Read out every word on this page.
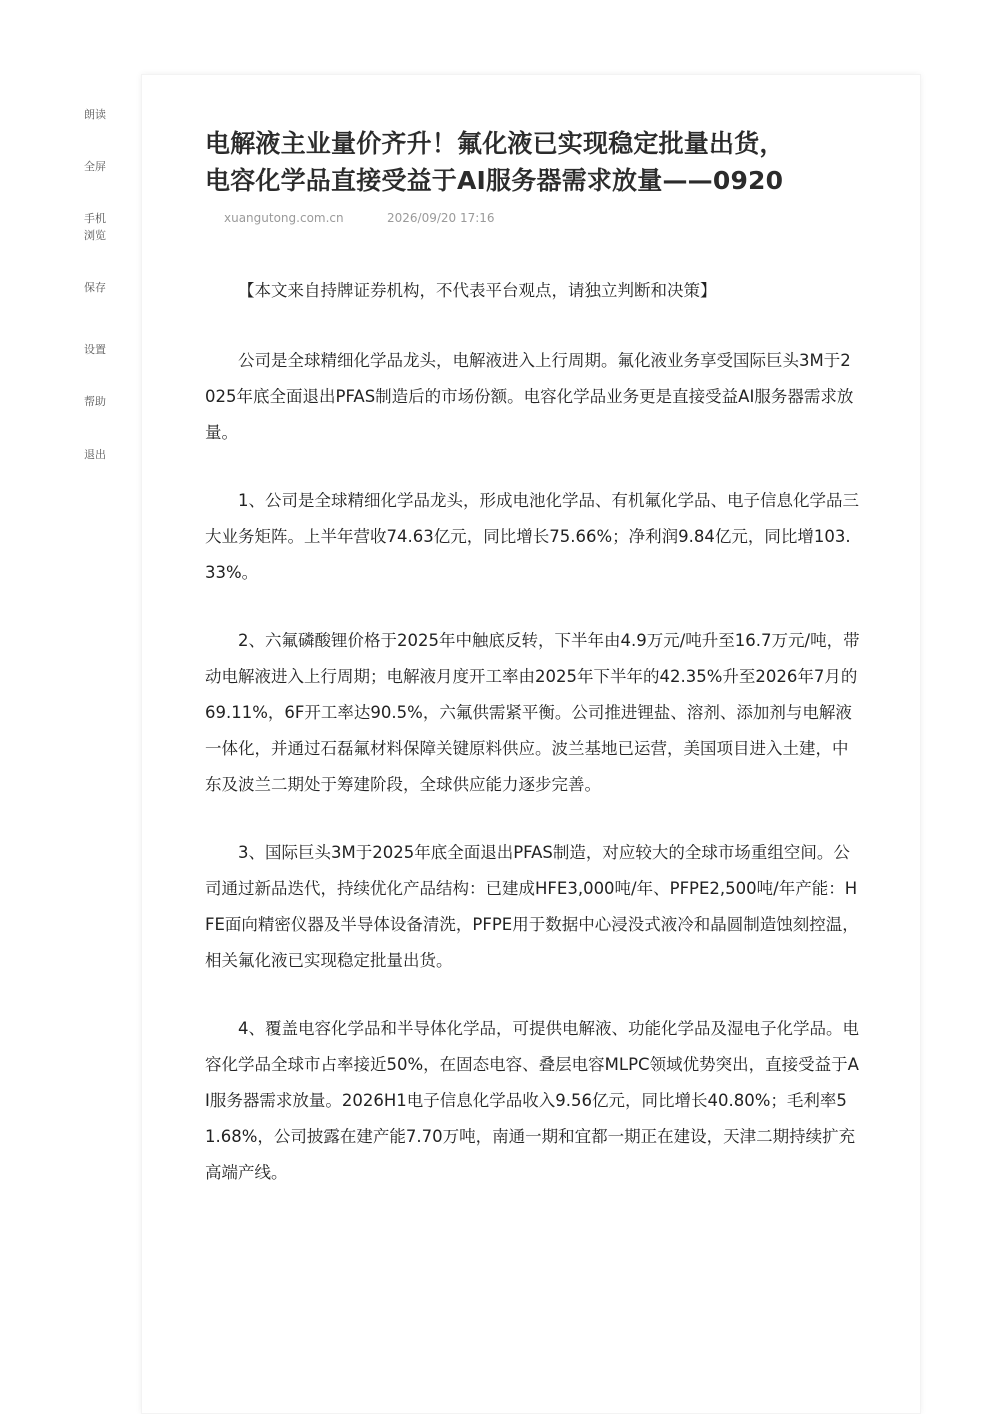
朗读
全屏
手机
浏览
保存
设置
帮助
退出
电解液主业量价齐升！氟化液已实现稳定批量出货，
电容化学品直接受益于AI服务器需求放量——0920
xuangutong.com.cn	2026/09/20 17:16

【本文来自持牌证券机构，不代表平台观点，请独立判断和决策】

公司是全球精细化学品龙头，电解液进入上行周期。氟化液业务享受国际巨头3M于2025年底全面退出PFAS制造后的市场份额。电容化学品业务更是直接受益AI服务器需求放量。

1、公司是全球精细化学品龙头，形成电池化学品、有机氟化学品、电子信息化学品三大业务矩阵。上半年营收74.63亿元，同比增长75.66%；净利润9.84亿元，同比增103.33%。

2、六氟磷酸锂价格于2025年中触底反转，下半年由4.9万元/吨升至16.7万元/吨，带动电解液进入上行周期；电解液月度开工率由2025年下半年的42.35%升至2026年7月的69.11%，6F开工率达90.5%，六氟供需紧平衡。公司推进锂盐、溶剂、添加剂与电解液一体化，并通过石磊氟材料保障关键原料供应。波兰基地已运营，美国项目进入土建，中东及波兰二期处于筹建阶段，全球供应能力逐步完善。

3、国际巨头3M于2025年底全面退出PFAS制造，对应较大的全球市场重组空间。公司通过新品迭代，持续优化产品结构：已建成HFE3,000吨/年、PFPE2,500吨/年产能：HFE面向精密仪器及半导体设备清洗，PFPE用于数据中心浸没式液冷和晶圆制造蚀刻控温，相关氟化液已实现稳定批量出货。

4、覆盖电容化学品和半导体化学品，可提供电解液、功能化学品及湿电子化学品。电容化学品全球市占率接近50%，在固态电容、叠层电容MLPC领域优势突出，直接受益于AI服务器需求放量。2026H1电子信息化学品收入9.56亿元，同比增长40.80%；毛利率51.68%，公司披露在建产能7.70万吨，南通一期和宜都一期正在建设，天津二期持续扩充高端产线。
